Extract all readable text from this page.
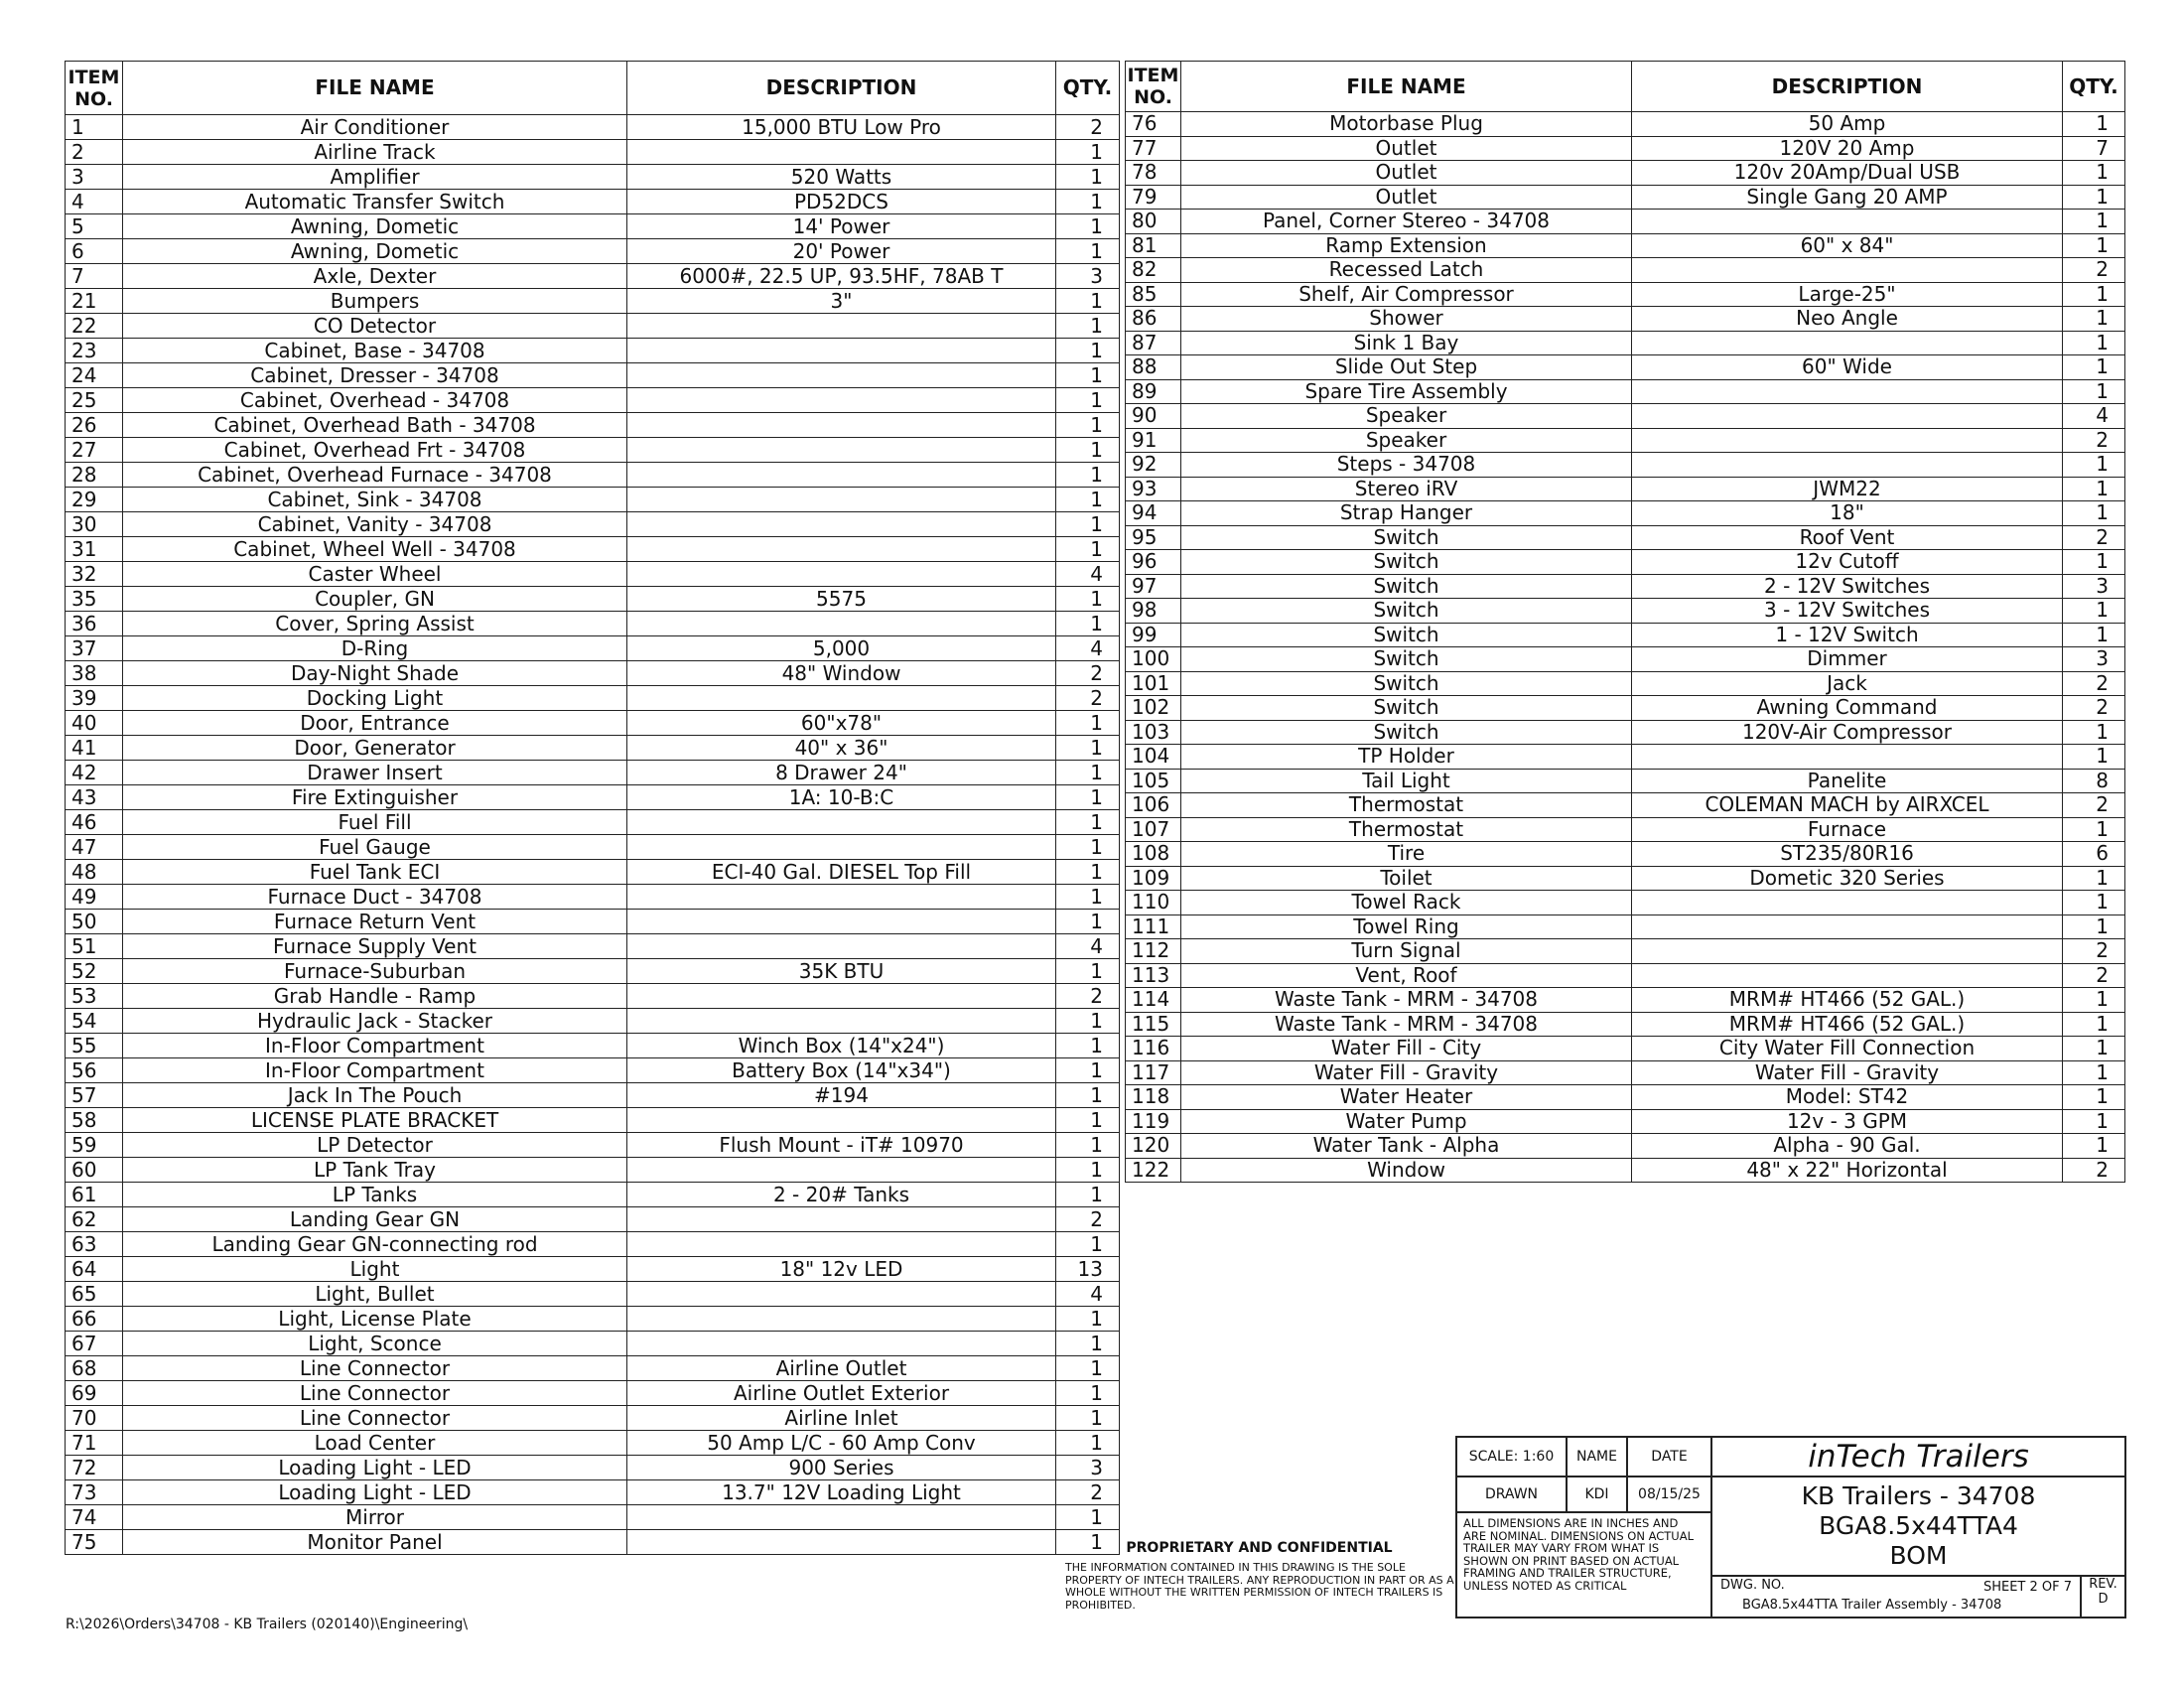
ITEM NO.	FILE NAME	DESCRIPTION	QTY.
1	Air Conditioner	15,000 BTU Low Pro	2
2	Airline Track		1
3	Amplifier	520 Watts	1
4	Automatic Transfer Switch	PD52DCS	1
5	Awning, Dometic	14' Power	1
6	Awning, Dometic	20' Power	1
7	Axle, Dexter	6000#, 22.5 UP, 93.5HF, 78AB T	3
21	Bumpers	3"	1
22	CO Detector		1
23	Cabinet, Base - 34708		1
24	Cabinet, Dresser - 34708		1
25	Cabinet, Overhead - 34708		1
26	Cabinet, Overhead Bath - 34708		1
27	Cabinet, Overhead Frt - 34708		1
28	Cabinet, Overhead Furnace - 34708		1
29	Cabinet, Sink - 34708		1
30	Cabinet, Vanity - 34708		1
31	Cabinet, Wheel Well - 34708		1
32	Caster Wheel		4
35	Coupler, GN	5575	1
36	Cover, Spring Assist		1
37	D-Ring	5,000	4
38	Day-Night Shade	48" Window	2
39	Docking Light		2
40	Door, Entrance	60"x78"	1
41	Door, Generator	40" x 36"	1
42	Drawer Insert	8 Drawer 24"	1
43	Fire Extinguisher	1A: 10-B:C	1
46	Fuel Fill		1
47	Fuel Gauge		1
48	Fuel Tank ECI	ECI-40 Gal. DIESEL Top Fill	1
49	Furnace Duct - 34708		1
50	Furnace Return Vent		1
51	Furnace Supply Vent		4
52	Furnace-Suburban	35K BTU	1
53	Grab Handle - Ramp		2
54	Hydraulic Jack - Stacker		1
55	In-Floor Compartment	Winch Box (14"x24")	1
56	In-Floor Compartment	Battery Box (14"x34")	1
57	Jack In The Pouch	#194	1
58	LICENSE PLATE BRACKET		1
59	LP Detector	Flush Mount - iT# 10970	1
60	LP Tank Tray		1
61	LP Tanks	2 - 20# Tanks	1
62	Landing Gear GN		2
63	Landing Gear GN-connecting rod		1
64	Light	18" 12v LED	13
65	Light, Bullet		4
66	Light, License Plate		1
67	Light, Sconce		1
68	Line Connector	Airline Outlet	1
69	Line Connector	Airline Outlet Exterior	1
70	Line Connector	Airline Inlet	1
71	Load Center	50 Amp L/C - 60 Amp Conv	1
72	Loading Light - LED	900 Series	3
73	Loading Light - LED	13.7" 12V Loading Light	2
74	Mirror		1
75	Monitor Panel		1
ITEM NO.	FILE NAME	DESCRIPTION	QTY.
76	Motorbase Plug	50 Amp	1
77	Outlet	120V 20 Amp	7
78	Outlet	120v 20Amp/Dual USB	1
79	Outlet	Single Gang 20 AMP	1
80	Panel, Corner Stereo - 34708		1
81	Ramp Extension	60" x 84"	1
82	Recessed Latch		2
85	Shelf, Air Compressor	Large-25"	1
86	Shower	Neo Angle	1
87	Sink 1 Bay		1
88	Slide Out Step	60" Wide	1
89	Spare Tire Assembly		1
90	Speaker		4
91	Speaker		2
92	Steps - 34708		1
93	Stereo iRV	JWM22	1
94	Strap Hanger	18"	1
95	Switch	Roof Vent	2
96	Switch	12v Cutoff	1
97	Switch	2 - 12V Switches	3
98	Switch	3 - 12V Switches	1
99	Switch	1 - 12V Switch	1
100	Switch	Dimmer	3
101	Switch	Jack	2
102	Switch	Awning Command	2
103	Switch	120V-Air Compressor	1
104	TP Holder		1
105	Tail Light	Panelite	8
106	Thermostat	COLEMAN MACH by AIRXCEL	2
107	Thermostat	Furnace	1
108	Tire	ST235/80R16	6
109	Toilet	Dometic 320 Series	1
110	Towel Rack		1
111	Towel Ring		1
112	Turn Signal		2
113	Vent, Roof		2
114	Waste Tank - MRM - 34708	MRM# HT466 (52 GAL.)	1
115	Waste Tank - MRM - 34708	MRM# HT466 (52 GAL.)	1
116	Water Fill - City	City Water Fill Connection	1
117	Water Fill - Gravity	Water Fill - Gravity	1
118	Water Heater	Model: ST42	1
119	Water Pump	12v - 3 GPM	1
120	Water Tank - Alpha	Alpha - 90 Gal.	1
122	Window	48" x 22" Horizontal	2
R:\2026\Orders\34708 - KB Trailers (020140)\Engineering\
PROPRIETARY AND CONFIDENTIAL
THE INFORMATION CONTAINED IN THIS DRAWING IS THE SOLE PROPERTY OF INTECH TRAILERS. ANY REPRODUCTION IN PART OR AS A WHOLE WITHOUT THE WRITTEN PERMISSION OF INTECH TRAILERS IS PROHIBITED.
SCALE: 1:60	NAME	DATE
DRAWN	KDI	08/15/25
ALL DIMENSIONS ARE IN INCHES AND ARE NOMINAL. DIMENSIONS ON ACTUAL TRAILER MAY VARY FROM WHAT IS SHOWN ON PRINT BASED ON ACTUAL FRAMING AND TRAILER STRUCTURE, UNLESS NOTED AS CRITICAL
inTech Trailers
KB Trailers - 34708
BGA8.5x44TTA4
BOM
DWG. NO.	SHEET 2 OF 7
BGA8.5x44TTA Trailer Assembly - 34708
REV.
D
